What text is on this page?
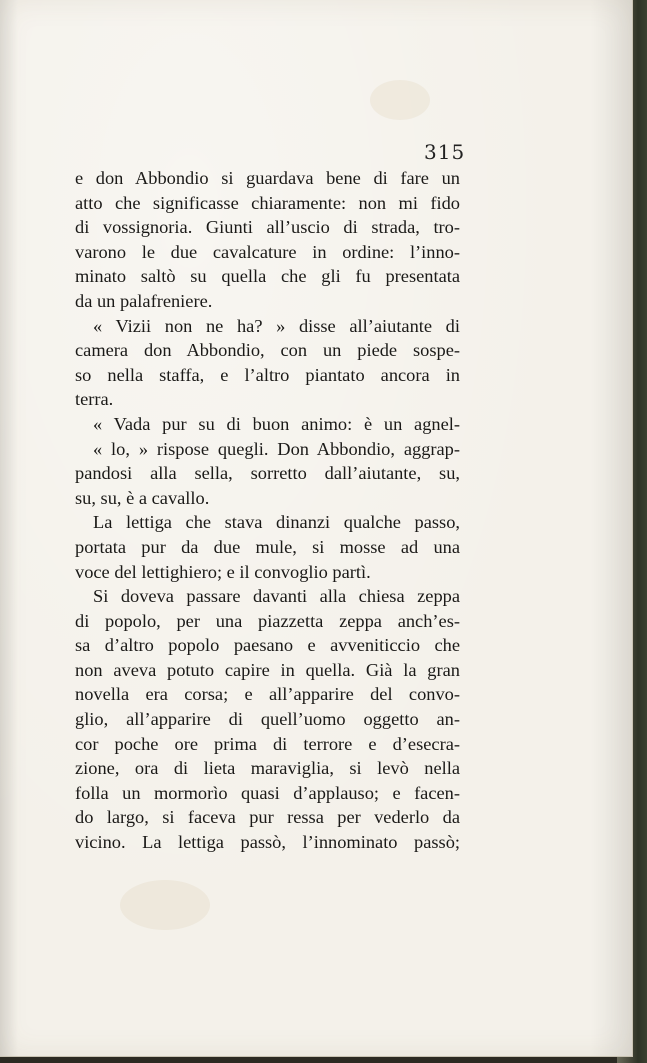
315
e don Abbondio si guardava bene di fare un
atto che significasse chiaramente: non mi fido
di vossignoria. Giunti all’uscio di strada, tro-
varono le due cavalcature in ordine: l’inno-
minato saltò su quella che gli fu presentata
da un palafreniere.
« Vizii non ne ha? » disse all’aiutante di
camera don Abbondio, con un piede sospe-
so nella staffa, e l’altro piantato ancora in
terra.
« Vada pur su di buon animo: è un agnel-
« lo, » rispose quegli. Don Abbondio, aggrap-
pandosi alla sella, sorretto dall’aiutante, su,
su, su, è a cavallo.
La lettiga che stava dinanzi qualche passo,
portata pur da due mule, si mosse ad una
voce del lettighiero; e il convoglio partì.
Si doveva passare davanti alla chiesa zeppa
di popolo, per una piazzetta zeppa anch’es-
sa d’altro popolo paesano e avveniticcio che
non aveva potuto capire in quella. Già la gran
novella era corsa; e all’apparire del convo-
glio, all’apparire di quell’uomo oggetto an-
cor poche ore prima di terrore e d’esecra-
zione, ora di lieta maraviglia, si levò nella
folla un mormorìo quasi d’applauso; e facen-
do largo, si faceva pur ressa per vederlo da
vicino. La lettiga passò, l’innominato passò;
